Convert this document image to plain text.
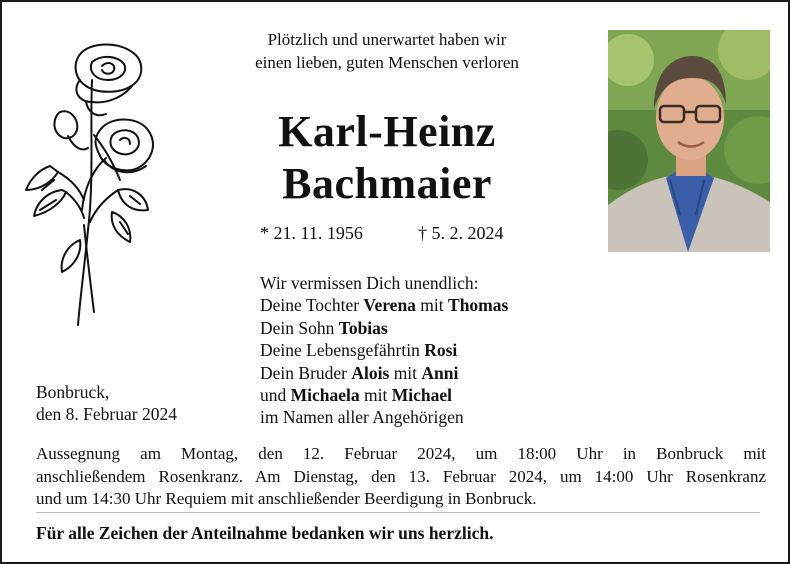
Plötzlich und unerwartet haben wir
einen lieben, guten Menschen verloren
Karl-Heinz
Bachmaier
* 21. 11. 1956	† 5. 2. 2024
Wir vermissen Dich unendlich:
Deine Tochter Verena mit Thomas
Dein Sohn Tobias
Deine Lebensgefährtin Rosi
Dein Bruder Alois mit Anni
und Michaela mit Michael
im Namen aller Angehörigen
Bonbruck,
den 8. Februar 2024
Aussegnung am Montag, den 12. Februar 2024, um 18:00 Uhr in Bonbruck mit
anschließendem Rosenkranz. Am Dienstag, den 13. Februar 2024, um 14:00 Uhr Rosenkranz
und um 14:30 Uhr Requiem mit anschließender Beerdigung in Bonbruck.
Für alle Zeichen der Anteilnahme bedanken wir uns herzlich.
